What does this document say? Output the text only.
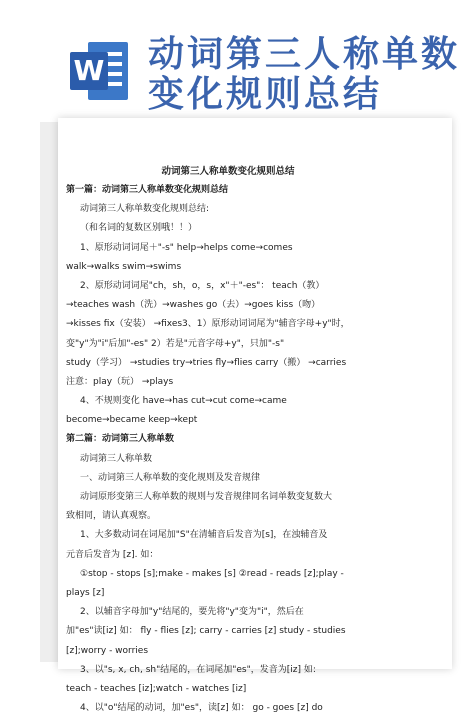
W 动词第三人称单数
变化规则总结
动词第三人称单数变化规则总结
第一篇：动词第三人称单数变化规则总结
动词第三人称单数变化规则总结:
（和名词的复数区别哦！！）
1、原形动词词尾＋"-s" help→helps come→comes
walk→walks swim→swims
2、原形动词词尾"ch，sh，o，s，x"＋"-es"： teach（教）
→teaches wash（洗）→washes go（去）→goes kiss（吻）
→kisses fix（安装） →fixes3、1）原形动词词尾为"辅音字母+y"时，
变"y"为"i"后加"-es" 2）若是"元音字母+y"，只加"-s"
study（学习） →studies try→tries fly→flies carry（搬） →carries
注意：play（玩） →plays
4、不规则变化 have→has cut→cut come→came
become→became keep→kept
第二篇：动词第三人称单数
动词第三人称单数
一、动词第三人称单数的变化规则及发音规律
动词原形变第三人称单数的规则与发音规律同名词单数变复数大
致相同，请认真观察。
1、大多数动词在词尾加"S"在清辅音后发音为[s]，在浊辅音及
元音后发音为 [z]. 如：
①stop - stops [s];make - makes [s] ②read - reads [z];play -
plays [z]
2、以辅音字母加"y"结尾的，要先将"y"变为"i"，然后在
加"es"读[iz] 如： fly - flies [z]; carry - carries [z] study - studies
[z];worry - worries
3、以"s, x, ch, sh"结尾的，在词尾加"es"，发音为[iz] 如:
teach - teaches [iz];watch - watches [iz]
4、以"o"结尾的动词，加"es"，读[z] 如： go - goes [z] do
